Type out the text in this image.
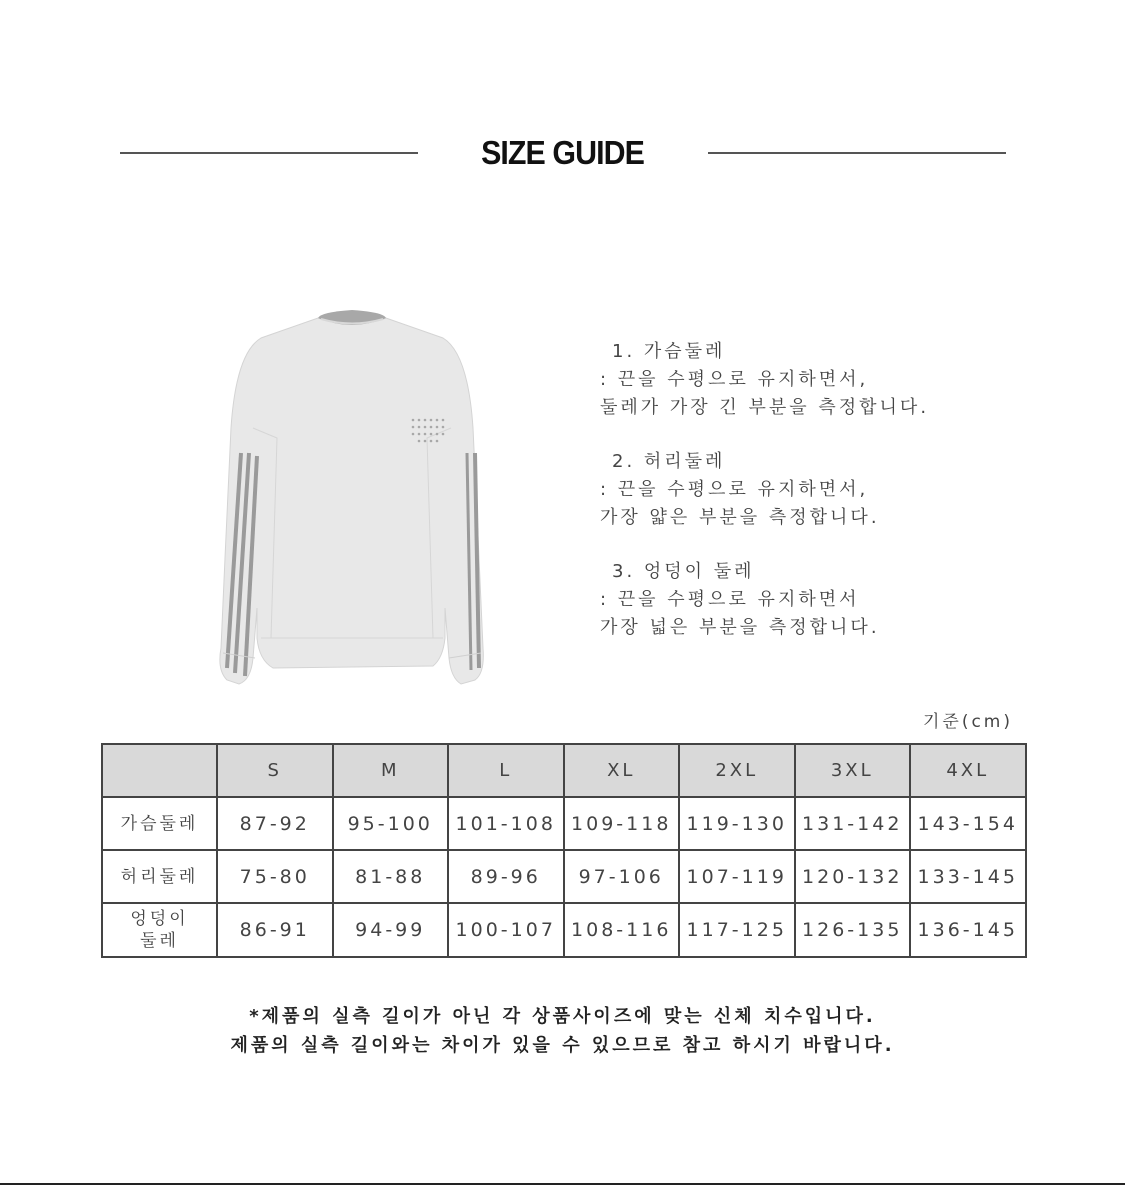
SIZE GUIDE
1. 가슴둘레
: 끈을 수평으로 유지하면서,
둘레가 가장 긴 부분을 측정합니다.
2. 허리둘레
: 끈을 수평으로 유지하면서,
가장 얇은 부분을 측정합니다.
3. 엉덩이 둘레
: 끈을 수평으로 유지하면서
가장 넓은 부분을 측정합니다.
기준(cm)
	S	M	L	XL	2XL	3XL	4XL
가슴둘레	87-92	95-100	101-108	109-118	119-130	131-142	143-154
허리둘레	75-80	81-88	89-96	97-106	107-119	120-132	133-145

엉덩이
둘레	86-91	94-99	100-107	108-116	117-125	126-135	136-145
*제품의 실측 길이가 아닌 각 상품사이즈에 맞는 신체 치수입니다.
제품의 실측 길이와는 차이가 있을 수 있으므로 참고 하시기 바랍니다.
